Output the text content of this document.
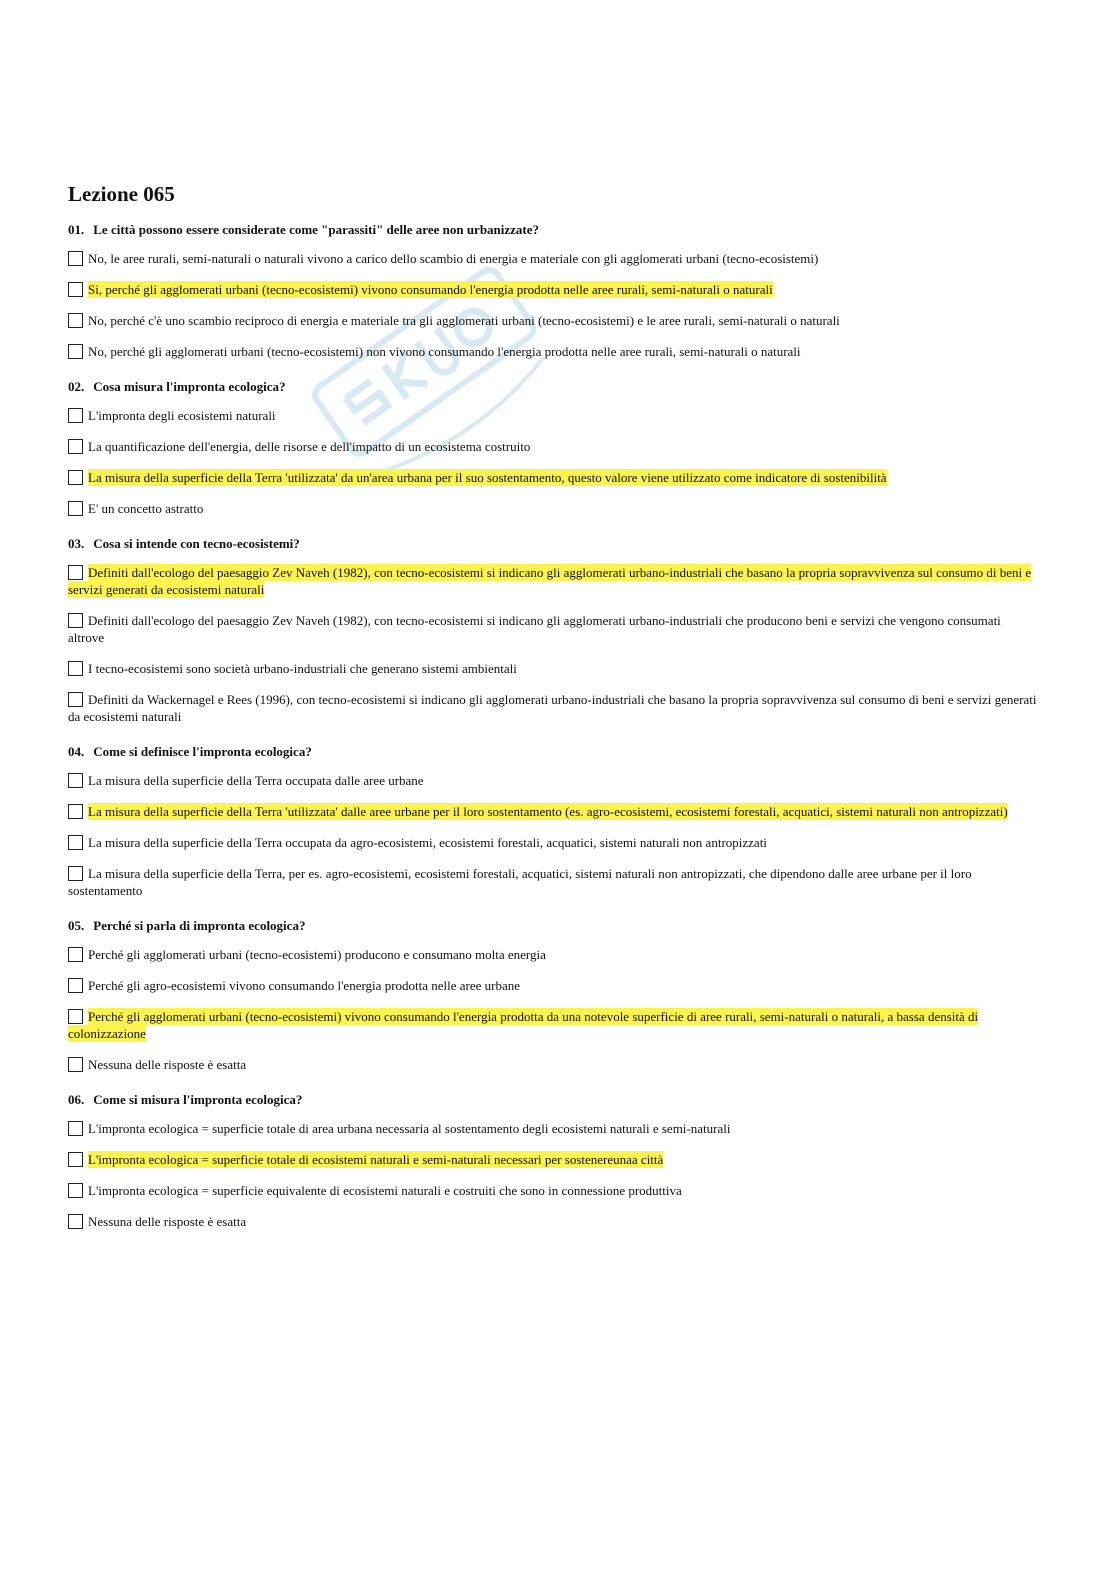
Lezione 065
01. Le città possono essere considerate come "parassiti" delle aree non urbanizzate?
No, le aree rurali, semi-naturali o naturali vivono a carico dello scambio di energia e materiale con gli agglomerati urbani (tecno-ecosistemi)
Si, perché gli agglomerati urbani (tecno-ecosistemi) vivono consumando l'energia prodotta nelle aree rurali, semi-naturali o naturali
No, perché c'è uno scambio reciproco di energia e materiale tra gli agglomerati urbani (tecno-ecosistemi) e le aree rurali, semi-naturali o naturali
No, perché gli agglomerati urbani (tecno-ecosistemi) non vivono consumando l'energia prodotta nelle aree rurali, semi-naturali o naturali
02. Cosa misura l'impronta ecologica?
L'impronta degli ecosistemi naturali
La quantificazione dell'energia, delle risorse e dell'impatto di un ecosistema costruito
La misura della superficie della Terra 'utilizzata' da un'area urbana per il suo sostentamento, questo valore viene utilizzato come indicatore di sostenibilità
E' un concetto astratto
03. Cosa si intende con tecno-ecosistemi?
Definiti dall'ecologo del paesaggio Zev Naveh (1982), con tecno-ecosistemi si indicano gli agglomerati urbano-industriali che basano la propria sopravvivenza sul consumo di beni e servizi generati da ecosistemi naturali
Definiti dall'ecologo del paesaggio Zev Naveh (1982), con tecno-ecosistemi si indicano gli agglomerati urbano-industriali che producono beni e servizi che vengono consumati altrove
I tecno-ecosistemi sono società urbano-industriali che generano sistemi ambientali
Definiti da Wackernagel e Rees (1996), con tecno-ecosistemi si indicano gli agglomerati urbano-industriali che basano la propria sopravvivenza sul consumo di beni e servizi generati da ecosistemi naturali
04. Come si definisce l'impronta ecologica?
La misura della superficie della Terra occupata dalle aree urbane
La misura della superficie della Terra 'utilizzata' dalle aree urbane per il loro sostentamento (es. agro-ecosistemi, ecosistemi forestali, acquatici, sistemi naturali non antropizzati)
La misura della superficie della Terra occupata da agro-ecosistemi, ecosistemi forestali, acquatici, sistemi naturali non antropizzati
La misura della superficie della Terra, per es. agro-ecosistemi, ecosistemi forestali, acquatici, sistemi naturali non antropizzati, che dipendono dalle aree urbane per il loro sostentamento
05. Perché si parla di impronta ecologica?
Perché gli agglomerati urbani (tecno-ecosistemi) producono e consumano molta energia
Perché gli agro-ecosistemi vivono consumando l'energia prodotta nelle aree urbane
Perché gli agglomerati urbani (tecno-ecosistemi) vivono consumando l'energia prodotta da una notevole superficie di aree rurali, semi-naturali o naturali, a bassa densità di colonizzazione
Nessuna delle risposte è esatta
06. Come si misura l'impronta ecologica?
L'impronta ecologica = superficie totale di area urbana necessaria al sostentamento degli ecosistemi naturali e semi-naturali
L'impronta ecologica = superficie totale di ecosistemi naturali e semi-naturali necessari per sostenereunaa città
L'impronta ecologica = superficie equivalente di ecosistemi naturali e costruiti che sono in connessione produttiva
Nessuna delle risposte è esatta
